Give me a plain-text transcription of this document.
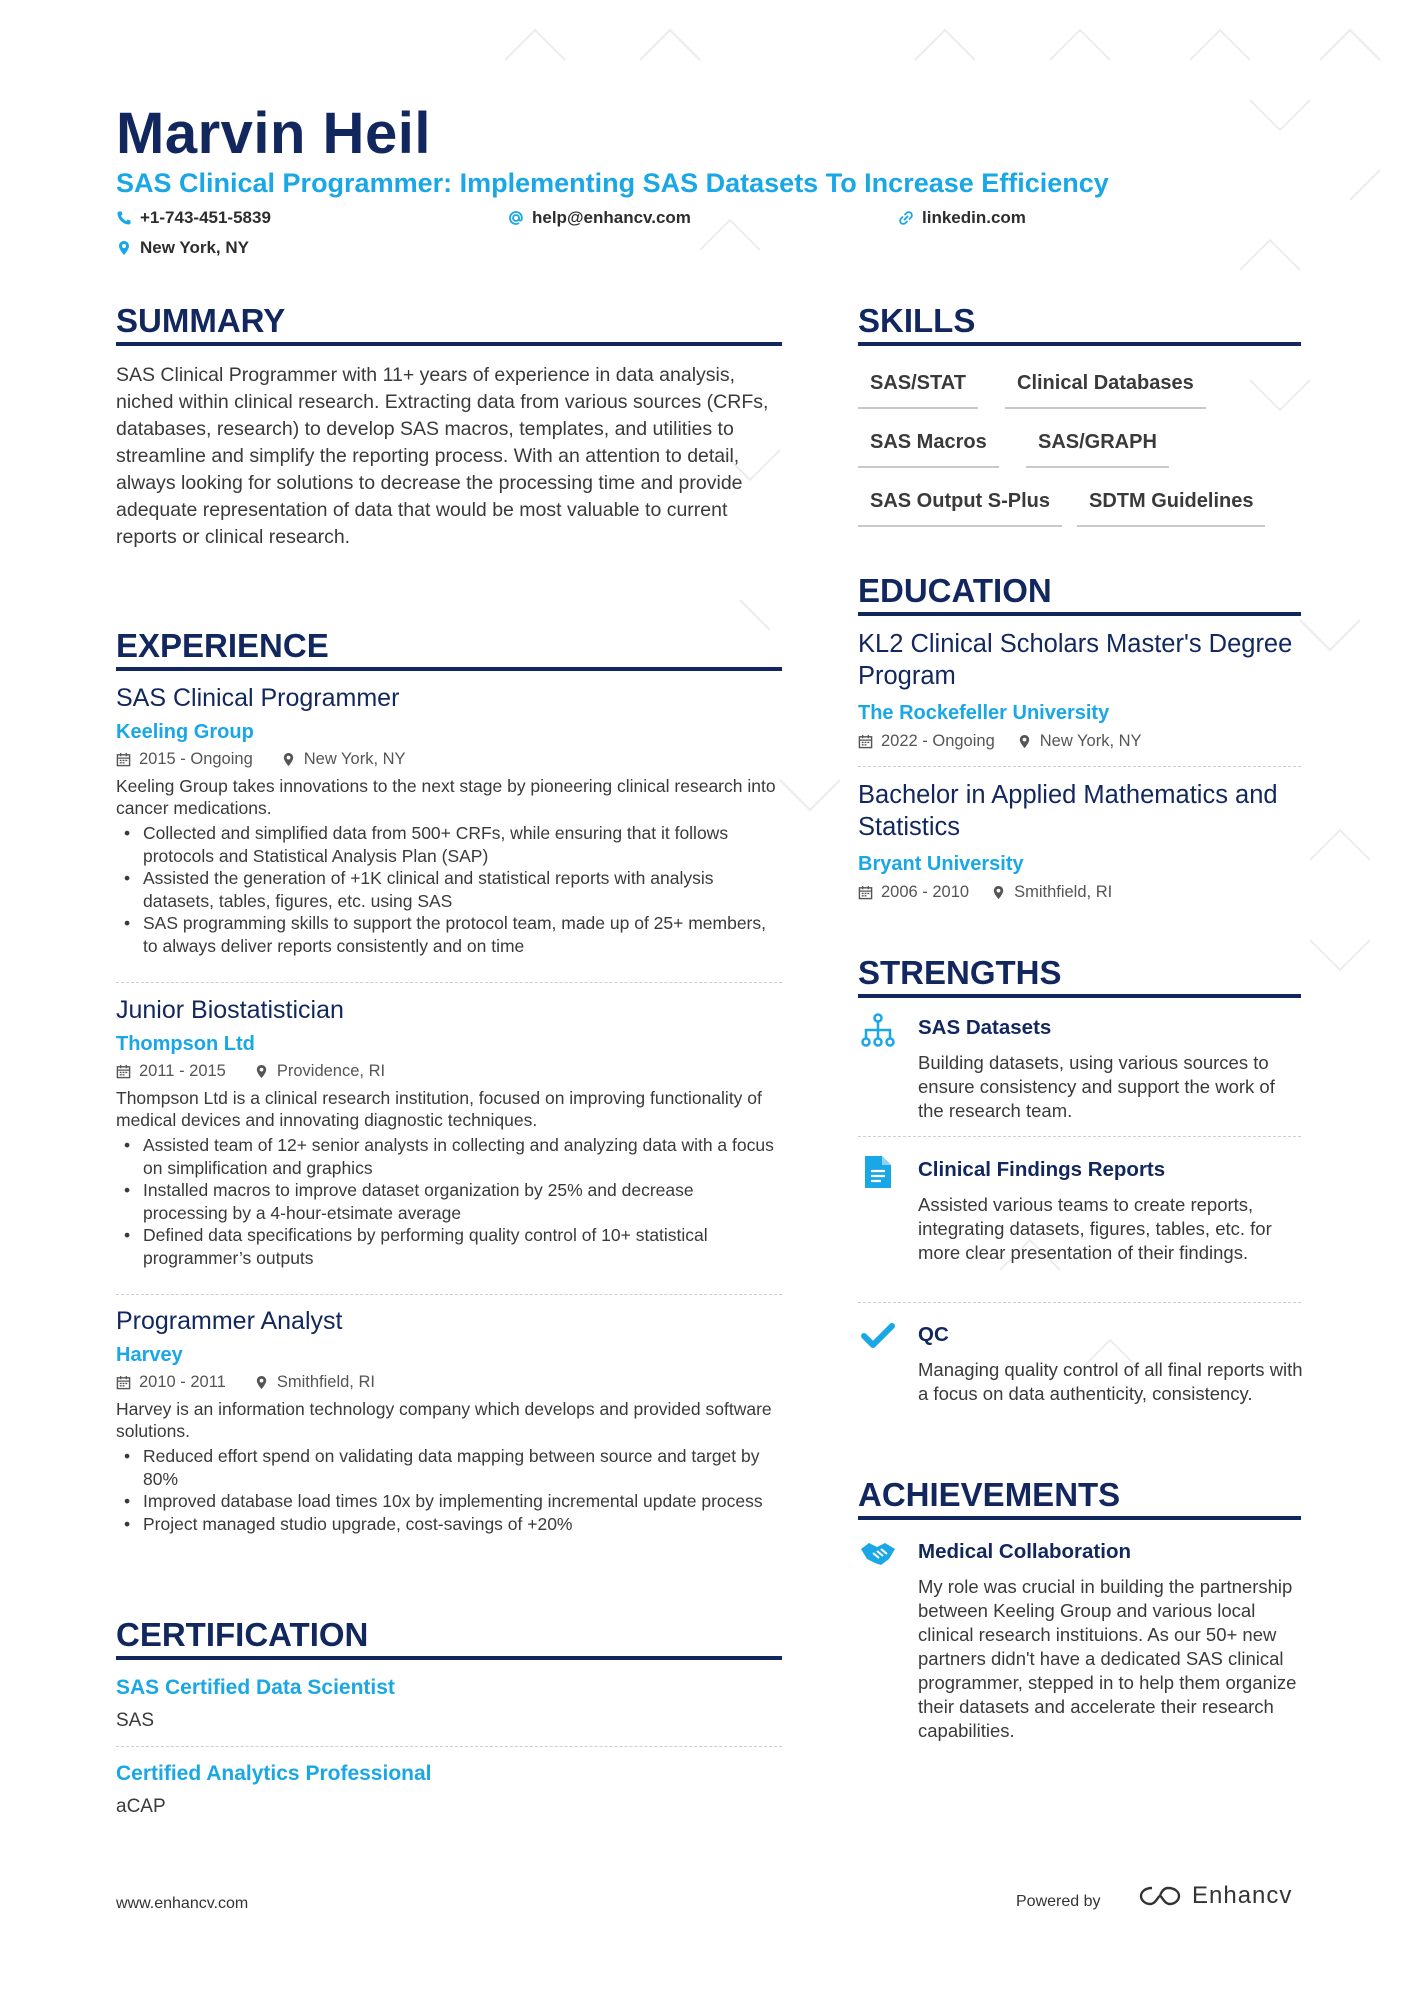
Marvin Heil
SAS Clinical Programmer: Implementing SAS Datasets To Increase Efficiency
+1-743-451-5839	help@enhancv.com	linkedin.com
New York, NY
SUMMARY
SAS Clinical Programmer with 11+ years of experience in data analysis, niched within clinical research. Extracting data from various sources (CRFs, databases, research) to develop SAS macros, templates, and utilities to streamline and simplify the reporting process. With an attention to detail, always looking for solutions to decrease the processing time and provide adequate representation of data that would be most valuable to current reports or clinical research.
EXPERIENCE
SAS Clinical Programmer
Keeling Group
2015 - Ongoing	New York, NY
Keeling Group takes innovations to the next stage by pioneering clinical research into cancer medications.
• Collected and simplified data from 500+ CRFs, while ensuring that it follows protocols and Statistical Analysis Plan (SAP)
• Assisted the generation of +1K clinical and statistical reports with analysis datasets, tables, figures, etc. using SAS
• SAS programming skills to support the protocol team, made up of 25+ members, to always deliver reports consistently and on time
Junior Biostatistician
Thompson Ltd
2011 - 2015	Providence, RI
Thompson Ltd is a clinical research institution, focused on improving functionality of medical devices and innovating diagnostic techniques.
• Assisted team of 12+ senior analysts in collecting and analyzing data with a focus on simplification and graphics
• Installed macros to improve dataset organization by 25% and decrease processing by a 4-hour-etsimate average
• Defined data specifications by performing quality control of 10+ statistical programmer’s outputs
Programmer Analyst
Harvey
2010 - 2011	Smithfield, RI
Harvey is an information technology company which develops and provided software solutions.
• Reduced effort spend on validating data mapping between source and target by 80%
• Improved database load times 10x by implementing incremental update process
• Project managed studio upgrade, cost-savings of +20%
CERTIFICATION
SAS Certified Data Scientist
SAS
Certified Analytics Professional
aCAP
SKILLS
SAS/STAT	Clinical Databases
SAS Macros	SAS/GRAPH
SAS Output S-Plus	SDTM Guidelines
EDUCATION
KL2 Clinical Scholars Master's Degree Program
The Rockefeller University
2022 - Ongoing	New York, NY
Bachelor in Applied Mathematics and Statistics
Bryant University
2006 - 2010	Smithfield, RI
STRENGTHS
SAS Datasets
Building datasets, using various sources to ensure consistency and support the work of the research team.
Clinical Findings Reports
Assisted various teams to create reports, integrating datasets, figures, tables, etc. for more clear presentation of their findings.
QC
Managing quality control of all final reports with a focus on data authenticity, consistency.
ACHIEVEMENTS
Medical Collaboration
My role was crucial in building the partnership between Keeling Group and various local clinical research instituions. As our 50+ new partners didn't have a dedicated SAS clinical programmer, stepped in to help them organize their datasets and accelerate their research capabilities.
www.enhancv.com	Powered by	Enhancv
